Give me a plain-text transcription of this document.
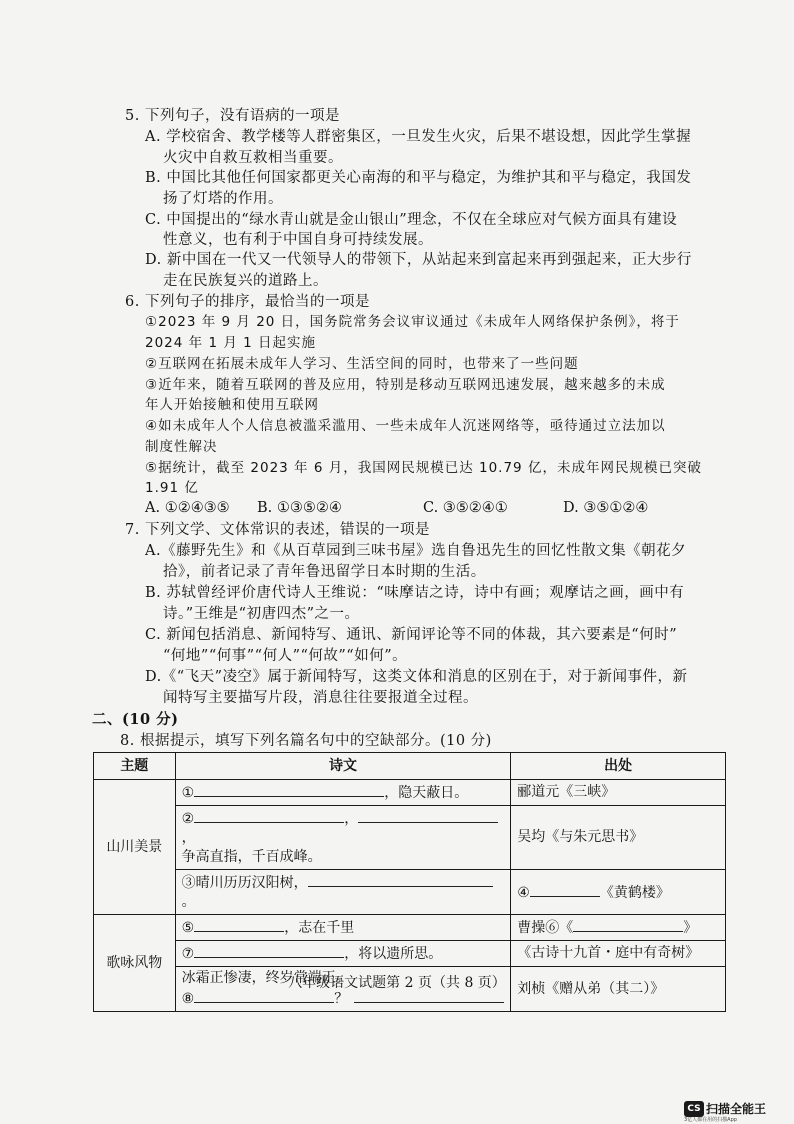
5. 下列句子，没有语病的一项是
A. 学校宿舍、教学楼等人群密集区，一旦发生火灾，后果不堪设想，因此学生掌握
火灾中自救互救相当重要。
B. 中国比其他任何国家都更关心南海的和平与稳定，为维护其和平与稳定，我国发
扬了灯塔的作用。
C. 中国提出的“绿水青山就是金山银山”理念，不仅在全球应对气候方面具有建设
性意义，也有利于中国自身可持续发展。
D. 新中国在一代又一代领导人的带领下，从站起来到富起来再到强起来，正大步行
走在民族复兴的道路上。
6. 下列句子的排序，最恰当的一项是
①2023 年 9 月 20 日，国务院常务会议审议通过《未成年人网络保护条例》，将于
2024 年 1 月 1 日起实施
②互联网在拓展未成年人学习、生活空间的同时，也带来了一些问题
③近年来，随着互联网的普及应用，特别是移动互联网迅速发展，越来越多的未成
年人开始接触和使用互联网
④如未成年人个人信息被滥采滥用、一些未成年人沉迷网络等，亟待通过立法加以
制度性解决
⑤据统计，截至 2023 年 6 月，我国网民规模已达 10.79 亿，未成年网民规模已突破
1.91 亿
A. ①②④③⑤ B. ①③⑤②④	C. ③⑤②④①	D. ③⑤①②④
7. 下列文学、文体常识的表述，错误的一项是
A.《藤野先生》和《从百草园到三味书屋》选自鲁迅先生的回忆性散文集《朝花夕
拾》，前者记录了青年鲁迅留学日本时期的生活。
B. 苏轼曾经评价唐代诗人王维说：“味摩诘之诗，诗中有画；观摩诘之画，画中有
诗。”王维是“初唐四杰”之一。
C. 新闻包括消息、新闻特写、通讯、新闻评论等不同的体裁，其六要素是“何时”
“何地”“何事”“何人”“何故”“如何”。
D.《“飞天”凌空》属于新闻特写，这类文体和消息的区别在于，对于新闻事件，新
闻特写主要描写片段，消息往往要报道全过程。
二、(10 分)
8. 根据提示，填写下列名篇名句中的空缺部分。(10 分)
主题	诗文	出处
山川美景	① ，隐天蔽日。	郦道元《三峡》
	② ，，
争高直指，千百成峰。	吴均《与朱元思书》
	③晴川历历汉阳树，。	④ 《黄鹤楼》
歌咏风物	⑤ ，志在千里	曹操⑥《 》
	⑦ ，将以遗所思。	《古诗十九首・庭中有奇树》
	冰霜正惨凄，终岁常端正。
⑧ ？	刘桢《赠从弟（其二）》
八年级语文试题第 2 页（共 8 页）
CS 扫描全能王
3亿人都在用的扫描App
